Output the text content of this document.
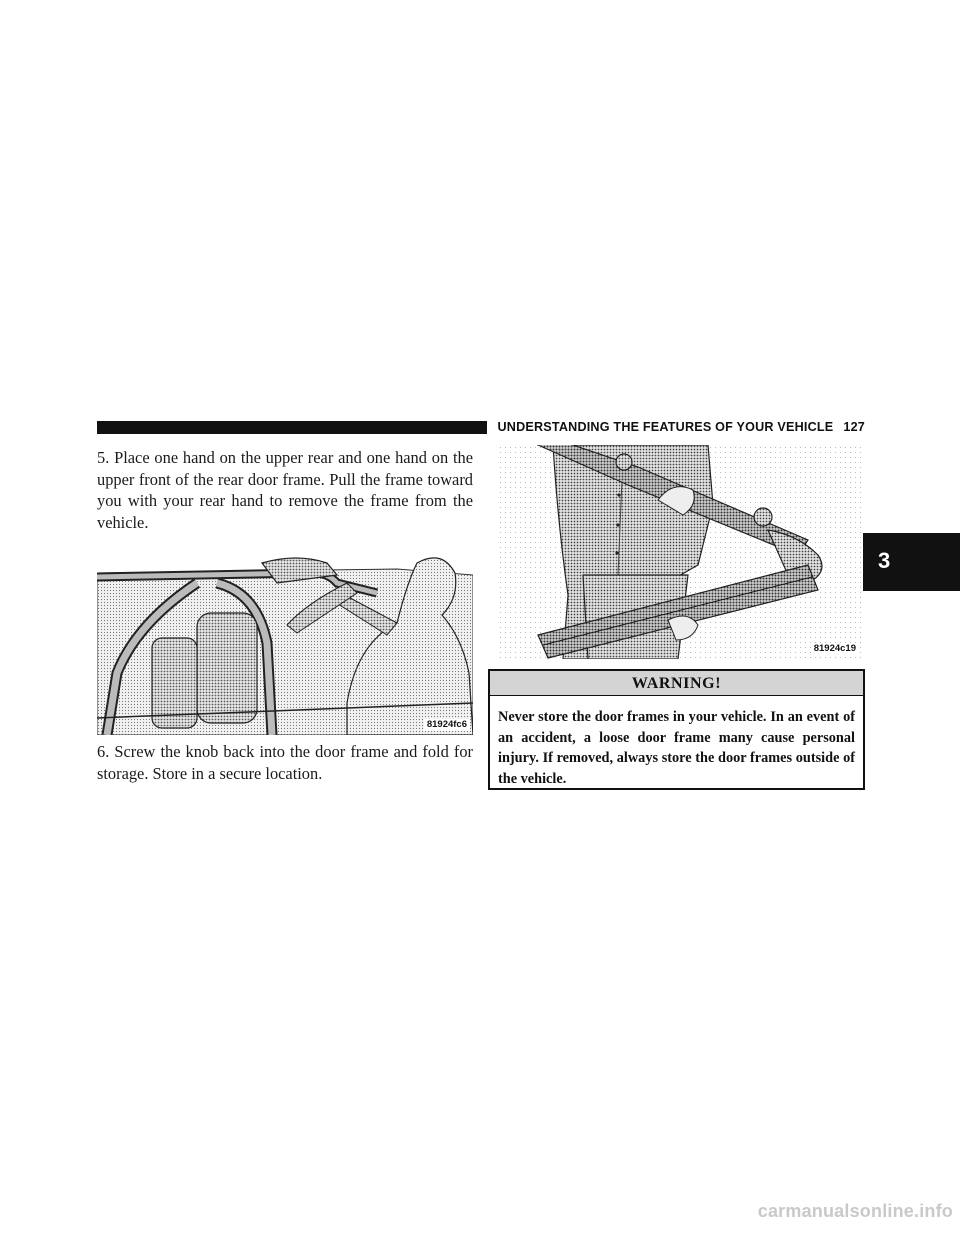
UNDERSTANDING THE FEATURES OF YOUR VEHICLE 127
3
5. Place one hand on the upper rear and one hand on the upper front of the rear door frame. Pull the frame toward you with your rear hand to remove the frame from the vehicle.
81924fc6
6. Screw the knob back into the door frame and fold for storage. Store in a secure location.
81924c19
WARNING!
Never store the door frames in your vehicle. In an event of an accident, a loose door frame many cause personal injury. If removed, always store the door frames outside of the vehicle.
carmanualsonline.info
